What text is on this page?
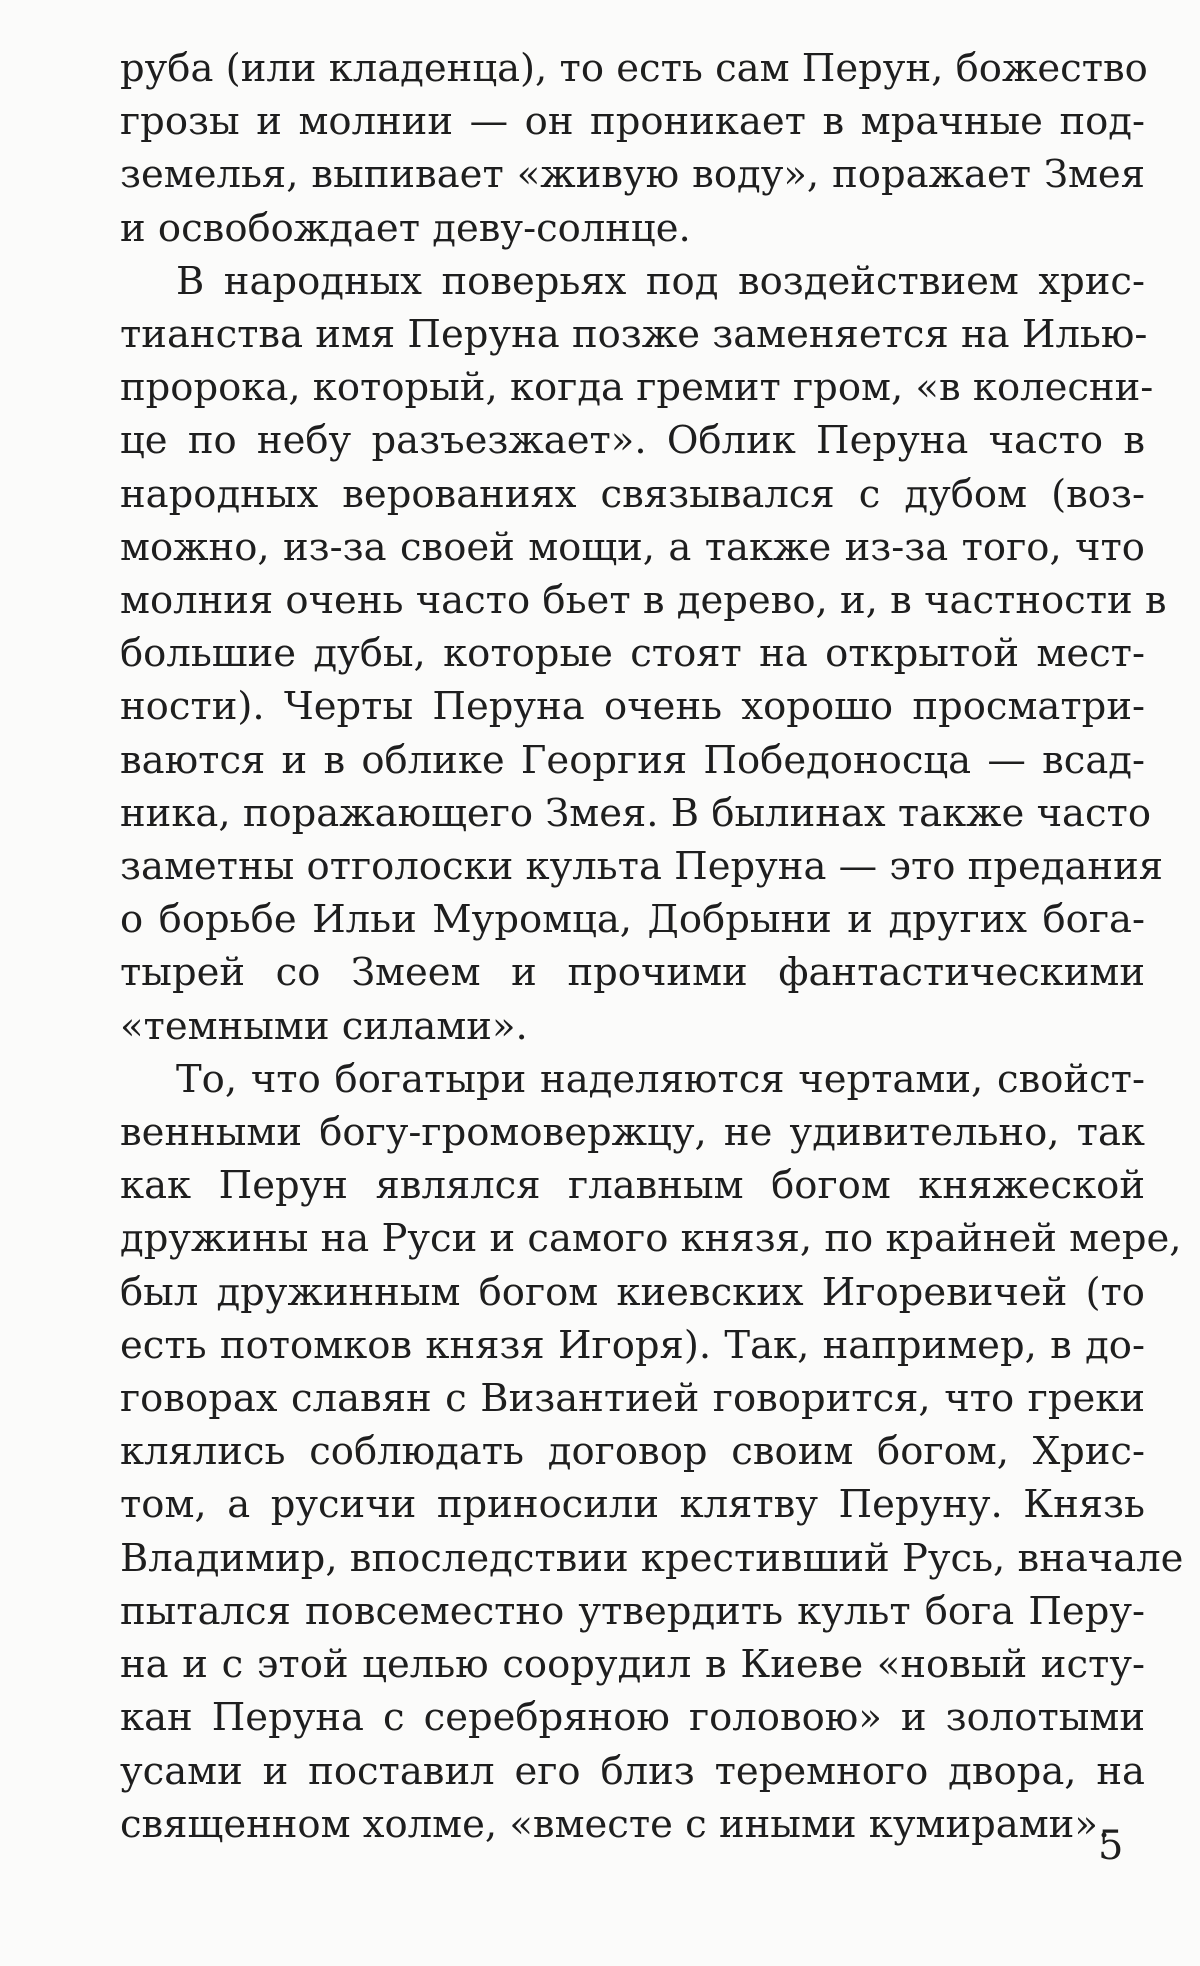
руба (или кладенца), то есть сам Перун, божество
грозы и молнии — он проникает в мрачные под-
земелья, выпивает «живую воду», поражает Змея
и освобождает деву-солнце.
В народных поверьях под воздействием хрис-
тианства имя Перуна позже заменяется на Илью-
пророка, который, когда гремит гром, «в колесни-
це по небу разъезжает». Облик Перуна часто в
народных верованиях связывался с дубом (воз-
можно, из-за своей мощи, а также из-за того, что
молния очень часто бьет в дерево, и, в частности в
большие дубы, которые стоят на открытой мест-
ности). Черты Перуна очень хорошо просматри-
ваются и в облике Георгия Победоносца — всад-
ника, поражающего Змея. В былинах также часто
заметны отголоски культа Перуна — это предания
о борьбе Ильи Муромца, Добрыни и других бога-
тырей со Змеем и прочими фантастическими
«темными силами».
То, что богатыри наделяются чертами, свойст-
венными богу-громовержцу, не удивительно, так
как Перун являлся главным богом княжеской
дружины на Руси и самого князя, по крайней мере,
был дружинным богом киевских Игоревичей (то
есть потомков князя Игоря). Так, например, в до-
говорах славян с Византией говорится, что греки
клялись соблюдать договор своим богом, Хрис-
том, а русичи приносили клятву Перуну. Князь
Владимир, впоследствии крестивший Русь, вначале
пытался повсеместно утвердить культ бога Перу-
на и с этой целью соорудил в Киеве «новый исту-
кан Перуна с серебряною головою» и золотыми
усами и поставил его близ теремного двора, на
священном холме, «вместе с иными кумирами».
5
